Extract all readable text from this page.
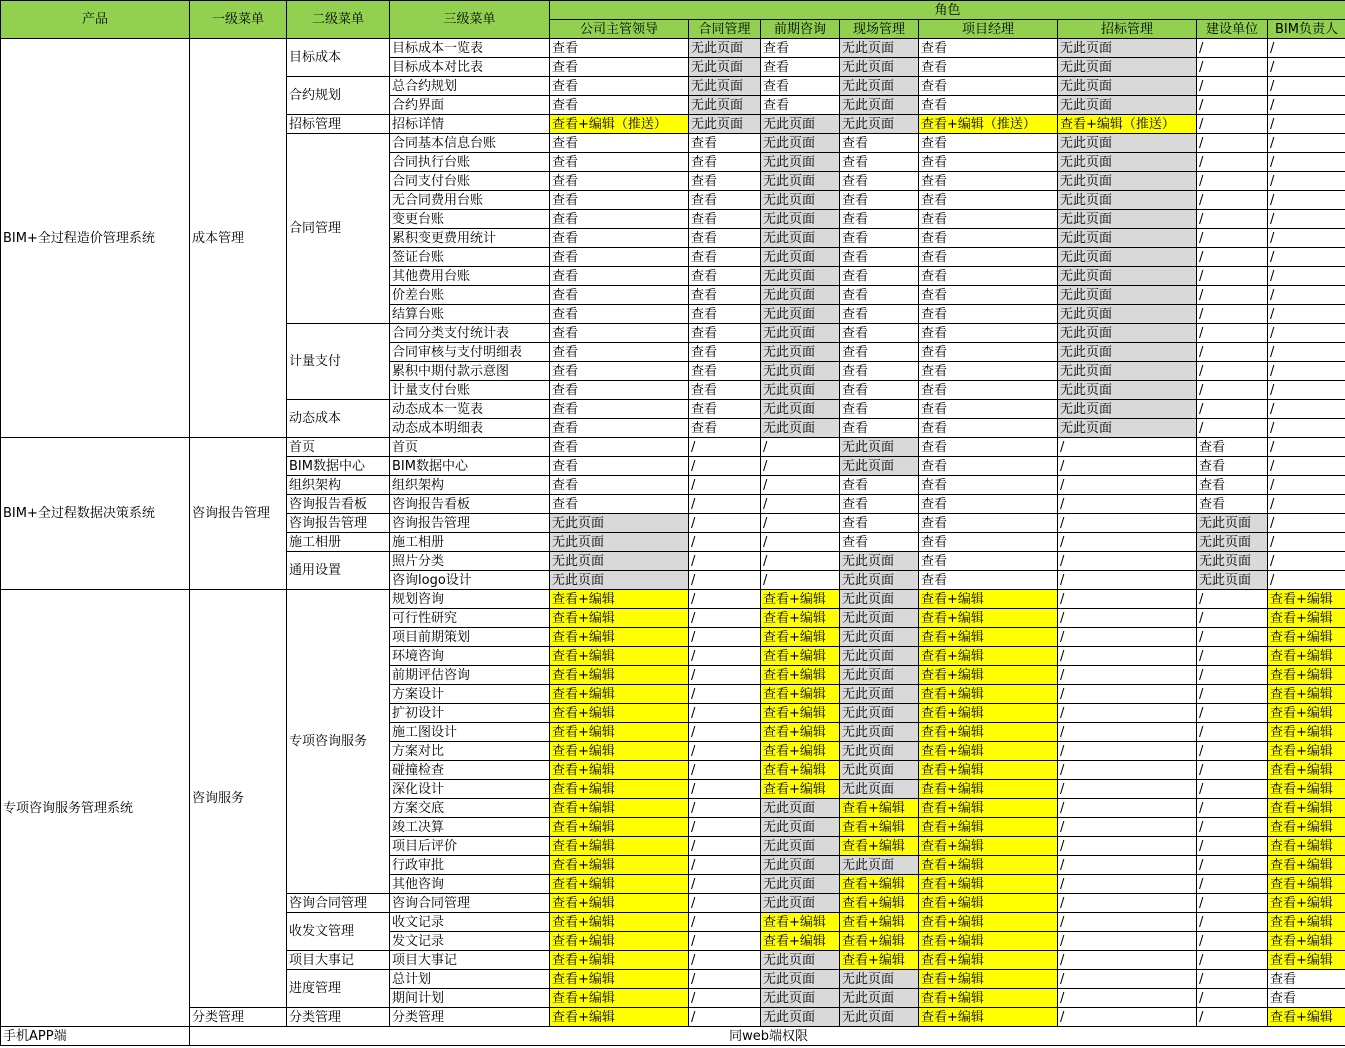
产品	一级菜单	二级菜单	三级菜单	角色							
				公司主管领导	合同管理	前期咨询	现场管理	项目经理	招标管理	建设单位	BIM负责人
BIM+全过程造价管理系统	成本管理	目标成本	目标成本一览表	查看	无此页面	查看	无此页面	查看	无此页面	/	/
			目标成本对比表	查看	无此页面	查看	无此页面	查看	无此页面	/	/
		合约规划	总合约规划	查看	无此页面	查看	无此页面	查看	无此页面	/	/
			合约界面	查看	无此页面	查看	无此页面	查看	无此页面	/	/
		招标管理	招标详情	查看+编辑（推送）	无此页面	无此页面	无此页面	查看+编辑（推送）	查看+编辑（推送）	/	/
		合同管理	合同基本信息台账	查看	查看	无此页面	查看	查看	无此页面	/	/
			合同执行台账	查看	查看	无此页面	查看	查看	无此页面	/	/
			合同支付台账	查看	查看	无此页面	查看	查看	无此页面	/	/
			无合同费用台账	查看	查看	无此页面	查看	查看	无此页面	/	/
			变更台账	查看	查看	无此页面	查看	查看	无此页面	/	/
			累积变更费用统计	查看	查看	无此页面	查看	查看	无此页面	/	/
			签证台账	查看	查看	无此页面	查看	查看	无此页面	/	/
			其他费用台账	查看	查看	无此页面	查看	查看	无此页面	/	/
			价差台账	查看	查看	无此页面	查看	查看	无此页面	/	/
			结算台账	查看	查看	无此页面	查看	查看	无此页面	/	/
		计量支付	合同分类支付统计表	查看	查看	无此页面	查看	查看	无此页面	/	/
			合同审核与支付明细表	查看	查看	无此页面	查看	查看	无此页面	/	/
			累积中期付款示意图	查看	查看	无此页面	查看	查看	无此页面	/	/
			计量支付台账	查看	查看	无此页面	查看	查看	无此页面	/	/
		动态成本	动态成本一览表	查看	查看	无此页面	查看	查看	无此页面	/	/
			动态成本明细表	查看	查看	无此页面	查看	查看	无此页面	/	/
BIM+全过程数据决策系统	咨询报告管理	首页	首页	查看	/	/	无此页面	查看	/	查看	/
		BIM数据中心	BIM数据中心	查看	/	/	无此页面	查看	/	查看	/
		组织架构	组织架构	查看	/	/	查看	查看	/	查看	/
		咨询报告看板	咨询报告看板	查看	/	/	查看	查看	/	查看	/
		咨询报告管理	咨询报告管理	无此页面	/	/	查看	查看	/	无此页面	/
		施工相册	施工相册	无此页面	/	/	查看	查看	/	无此页面	/
		通用设置	照片分类	无此页面	/	/	无此页面	查看	/	无此页面	/
			咨询logo设计	无此页面	/	/	无此页面	查看	/	无此页面	/
专项咨询服务管理系统	咨询服务	专项咨询服务	规划咨询	查看+编辑	/	查看+编辑	无此页面	查看+编辑	/	/	查看+编辑
			可行性研究	查看+编辑	/	查看+编辑	无此页面	查看+编辑	/	/	查看+编辑
			项目前期策划	查看+编辑	/	查看+编辑	无此页面	查看+编辑	/	/	查看+编辑
			环境咨询	查看+编辑	/	查看+编辑	无此页面	查看+编辑	/	/	查看+编辑
			前期评估咨询	查看+编辑	/	查看+编辑	无此页面	查看+编辑	/	/	查看+编辑
			方案设计	查看+编辑	/	查看+编辑	无此页面	查看+编辑	/	/	查看+编辑
			扩初设计	查看+编辑	/	查看+编辑	无此页面	查看+编辑	/	/	查看+编辑
			施工图设计	查看+编辑	/	查看+编辑	无此页面	查看+编辑	/	/	查看+编辑
			方案对比	查看+编辑	/	查看+编辑	无此页面	查看+编辑	/	/	查看+编辑
			碰撞检查	查看+编辑	/	查看+编辑	无此页面	查看+编辑	/	/	查看+编辑
			深化设计	查看+编辑	/	查看+编辑	无此页面	查看+编辑	/	/	查看+编辑
			方案交底	查看+编辑	/	无此页面	查看+编辑	查看+编辑	/	/	查看+编辑
			竣工决算	查看+编辑	/	无此页面	查看+编辑	查看+编辑	/	/	查看+编辑
			项目后评价	查看+编辑	/	无此页面	查看+编辑	查看+编辑	/	/	查看+编辑
			行政审批	查看+编辑	/	无此页面	无此页面	查看+编辑	/	/	查看+编辑
			其他咨询	查看+编辑	/	无此页面	查看+编辑	查看+编辑	/	/	查看+编辑
		咨询合同管理	咨询合同管理	查看+编辑	/	无此页面	查看+编辑	查看+编辑	/	/	查看+编辑
		收发文管理	收文记录	查看+编辑	/	查看+编辑	查看+编辑	查看+编辑	/	/	查看+编辑
			发文记录	查看+编辑	/	查看+编辑	查看+编辑	查看+编辑	/	/	查看+编辑
		项目大事记	项目大事记	查看+编辑	/	无此页面	查看+编辑	查看+编辑	/	/	查看+编辑
		进度管理	总计划	查看+编辑	/	无此页面	无此页面	查看+编辑	/	/	查看
			期间计划	查看+编辑	/	无此页面	无此页面	查看+编辑	/	/	查看
	分类管理	分类管理	分类管理	查看+编辑	/	无此页面	无此页面	查看+编辑	/	/	查看+编辑
手机APP端	同web端权限										
